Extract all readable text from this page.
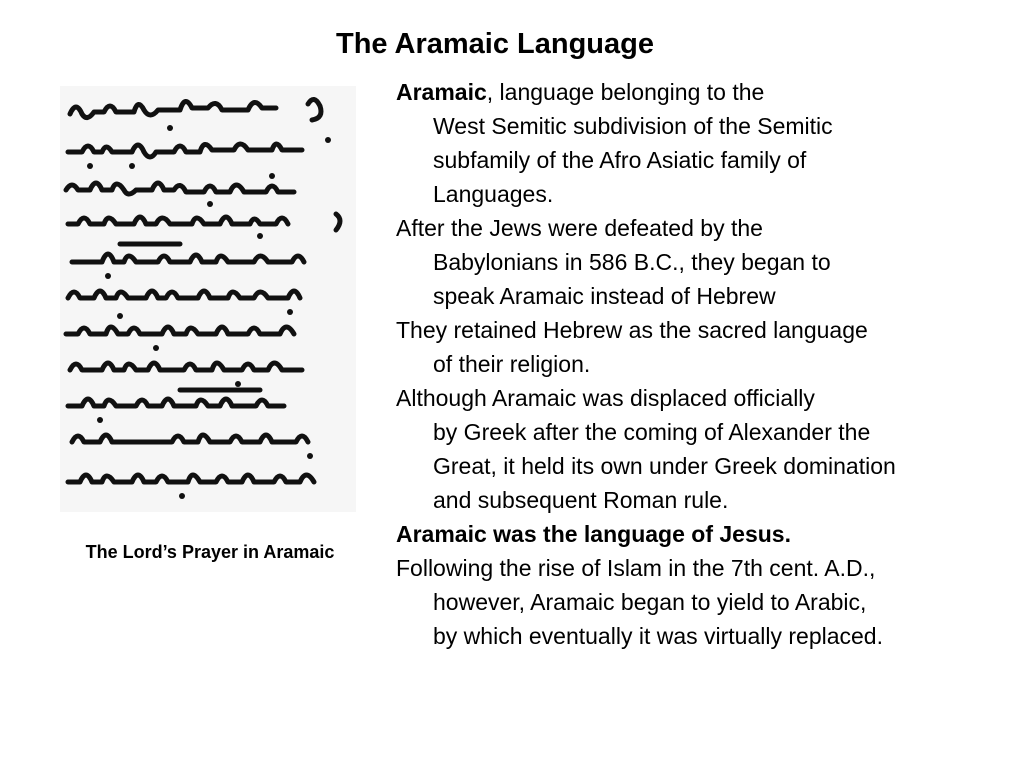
The Aramaic Language
The Lord’s Prayer in Aramaic

Aramaic, language belonging to the
West Semitic subdivision of the Semitic
subfamily of the Afro Asiatic family of
Languages.

After the Jews were defeated by the
Babylonians in 586 B.C., they began to
speak Aramaic instead of Hebrew

They retained Hebrew as the sacred language
of their religion.

Although Aramaic was displaced officially
by Greek after the coming of Alexander the
Great, it held its own under Greek domination
and subsequent Roman rule.

Aramaic was the language of Jesus.

Following the rise of Islam in the 7th cent. A.D.,
however, Aramaic began to yield to Arabic,
by which eventually it was virtually replaced.
